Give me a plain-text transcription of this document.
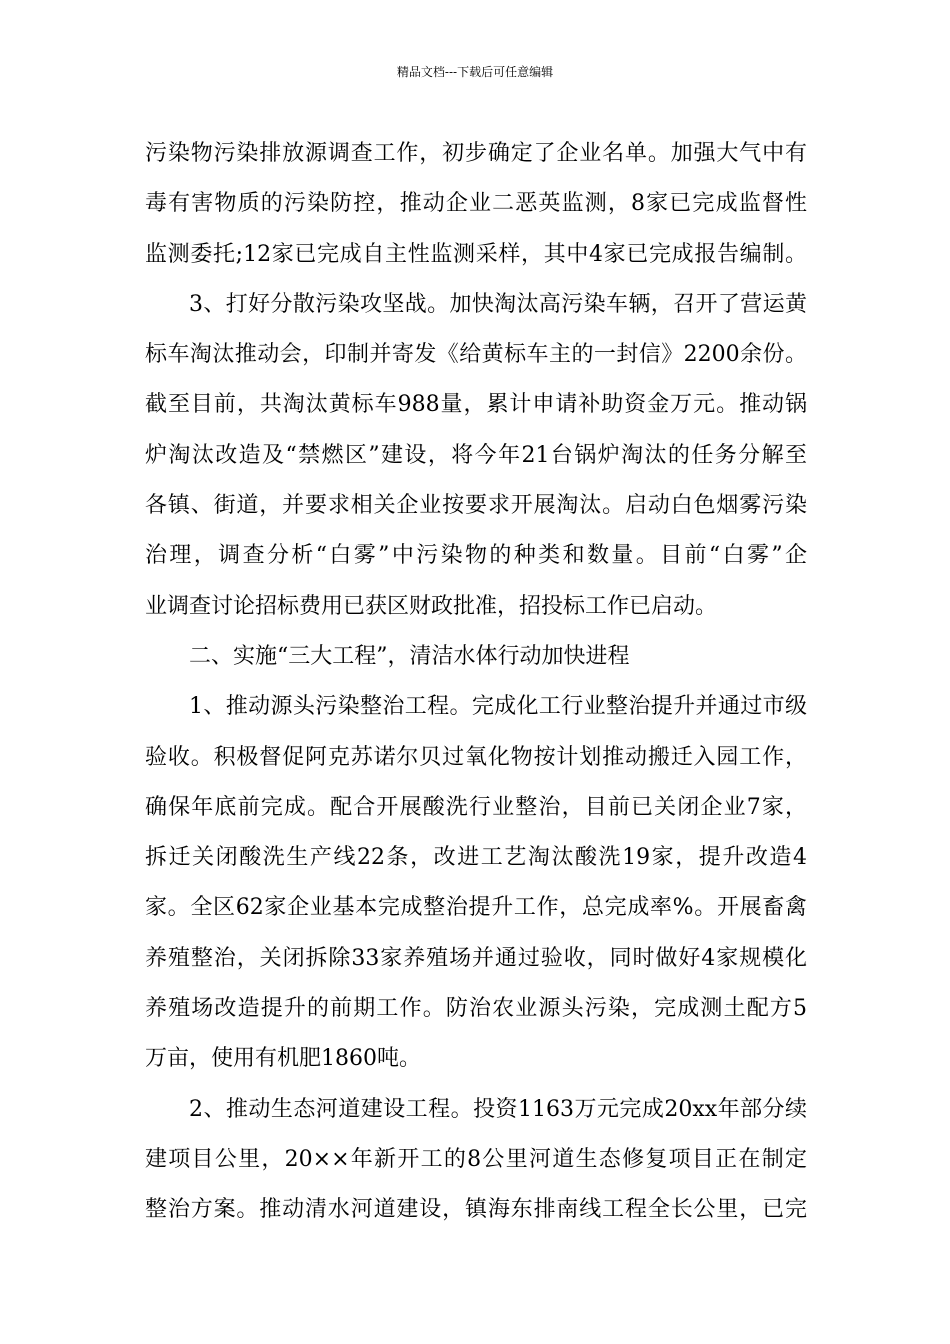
精品文档---下载后可任意编辑
污染物污染排放源调查工作，初步确定了企业名单。加强大气中有
毒有害物质的污染防控，推动企业二恶英监测，8家已完成监督性
监测委托;12家已完成自主性监测采样，其中4家已完成报告编制。
3、打好分散污染攻坚战。加快淘汰高污染车辆，召开了营运黄
标车淘汰推动会，印制并寄发《给黄标车主的一封信》2200余份。
截至目前，共淘汰黄标车988量，累计申请补助资金万元。推动锅
炉淘汰改造及“禁燃区”建设，将今年21台锅炉淘汰的任务分解至
各镇、街道，并要求相关企业按要求开展淘汰。启动白色烟雾污染
治理，调查分析“白雾”中污染物的种类和数量。目前“白雾”企
业调查讨论招标费用已获区财政批准，招投标工作已启动。
二、实施“三大工程”，清洁水体行动加快进程
1、推动源头污染整治工程。完成化工行业整治提升并通过市级
验收。积极督促阿克苏诺尔贝过氧化物按计划推动搬迁入园工作，
确保年底前完成。配合开展酸洗行业整治，目前已关闭企业7家，
拆迁关闭酸洗生产线22条，改进工艺淘汰酸洗19家，提升改造4
家。全区62家企业基本完成整治提升工作，总完成率%。开展畜禽
养殖整治，关闭拆除33家养殖场并通过验收，同时做好4家规模化
养殖场改造提升的前期工作。防治农业源头污染，完成测土配方5
万亩，使用有机肥1860吨。
2、推动生态河道建设工程。投资1163万元完成20xx年部分续
建项目公里，20××年新开工的8公里河道生态修复项目正在制定
整治方案。推动清水河道建设，镇海东排南线工程全长公里，已完
